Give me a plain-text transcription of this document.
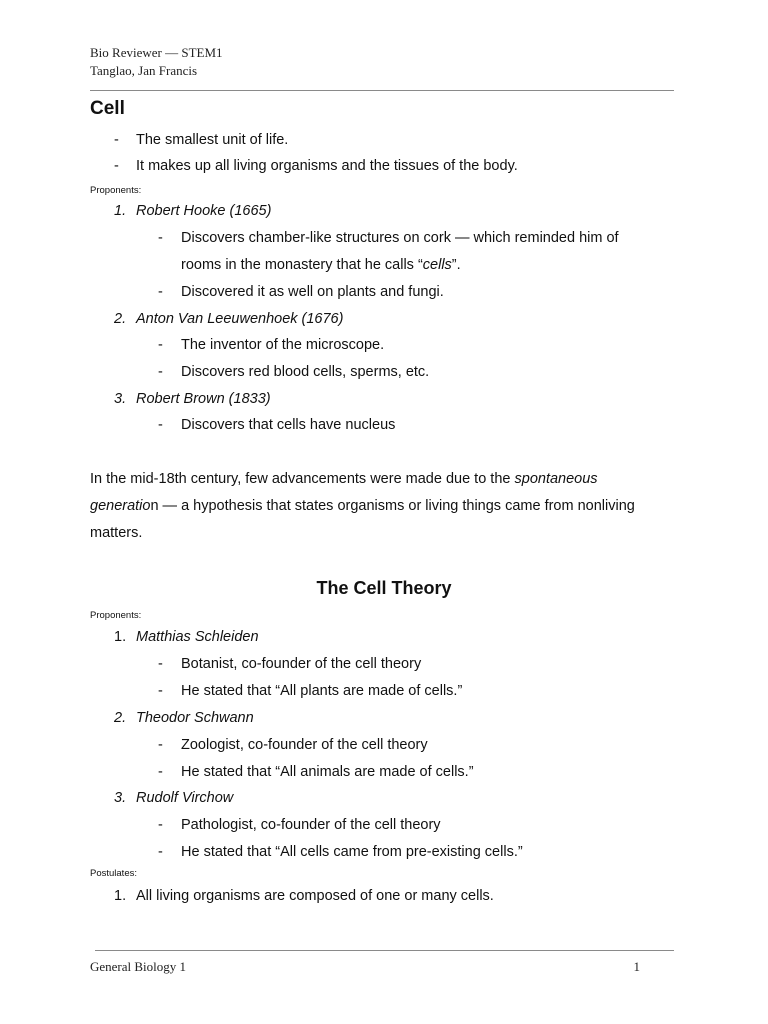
Bio Reviewer — STEM1
Tanglao, Jan Francis
Cell
- The smallest unit of life.
- It makes up all living organisms and the tissues of the body.
Proponents:
1. Robert Hooke (1665)
- Discovers chamber-like structures on cork — which reminded him of
rooms in the monastery that he calls “cells”.
- Discovered it as well on plants and fungi.
2. Anton Van Leeuwenhoek (1676)
- The inventor of the microscope.
- Discovers red blood cells, sperms, etc.
3. Robert Brown (1833)
- Discovers that cells have nucleus
In the mid-18th century, few advancements were made due to the spontaneous
generation — a hypothesis that states organisms or living things came from nonliving
matters.
The Cell Theory
Proponents:
1. Matthias Schleiden
- Botanist, co-founder of the cell theory
- He stated that “All plants are made of cells.”
2. Theodor Schwann
- Zoologist, co-founder of the cell theory
- He stated that “All animals are made of cells.”
3. Rudolf Virchow
- Pathologist, co-founder of the cell theory
- He stated that “All cells came from pre-existing cells.”
Postulates:
1. All living organisms are composed of one or many cells.
General Biology 1	1
